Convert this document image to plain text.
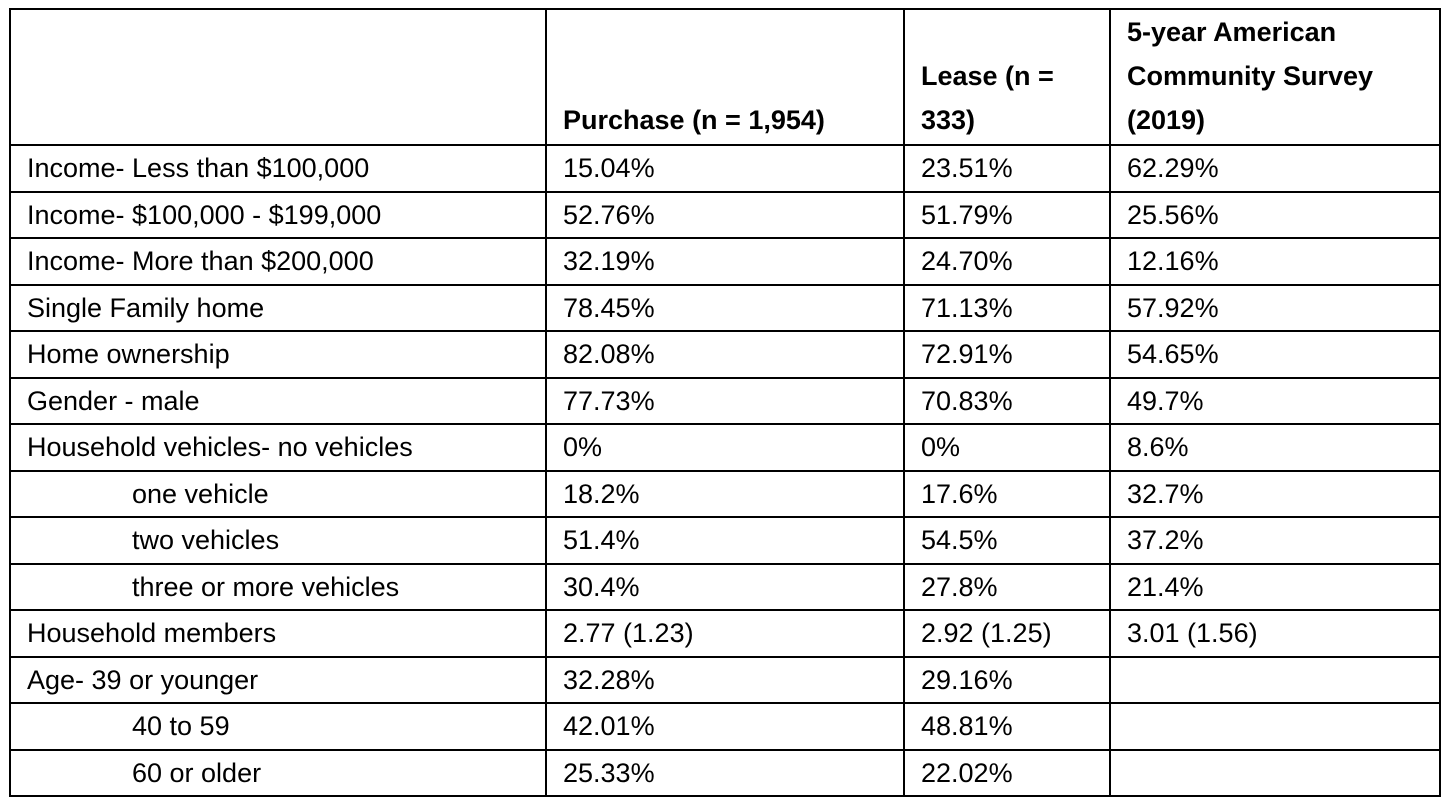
	Purchase (n = 1,954)	Lease (n = 333)	5-year American Community Survey (2019)
Income- Less than $100,000	15.04%	23.51%	62.29%
Income- $100,000 - $199,000	52.76%	51.79%	25.56%
Income- More than $200,000	32.19%	24.70%	12.16%
Single Family home	78.45%	71.13%	57.92%
Home ownership	82.08%	72.91%	54.65%
Gender - male	77.73%	70.83%	49.7%
Household vehicles- no vehicles	0%	0%	8.6%
one vehicle	18.2%	17.6%	32.7%
two vehicles	51.4%	54.5%	37.2%
three or more vehicles	30.4%	27.8%	21.4%
Household members	2.77 (1.23)	2.92 (1.25)	3.01 (1.56)
Age- 39 or younger	32.28%	29.16%	
40 to 59	42.01%	48.81%	
60 or older	25.33%	22.02%	
